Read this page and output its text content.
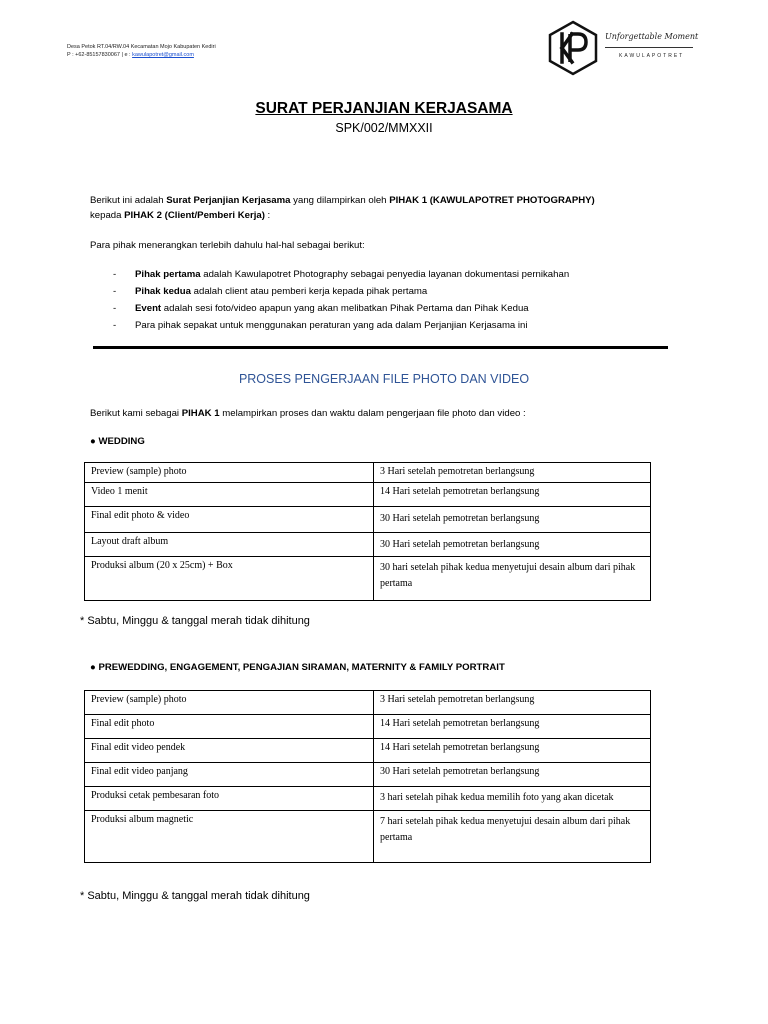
Desa Petok RT.04/RW.04 Kecamatan Mojo Kabupaten Kediri
P : +62-85157830067 | e : kawulapotret@gmail.com
Unforgettable Moment
KAWULAPOTRET
SURAT PERJANJIAN KERJASAMA
SPK/002/MMXXII
Berikut ini adalah Surat Perjanjian Kerjasama yang dilampirkan oleh PIHAK 1 (KAWULAPOTRET PHOTOGRAPHY)
kepada PIHAK 2 (Client/Pemberi Kerja) :
Para pihak menerangkan terlebih dahulu hal-hal sebagai berikut:
- Pihak pertama adalah Kawulapotret Photography sebagai penyedia layanan dokumentasi pernikahan
- Pihak kedua adalah client atau pemberi kerja kepada pihak pertama
- Event adalah sesi foto/video apapun yang akan melibatkan Pihak Pertama dan Pihak Kedua
- Para pihak sepakat untuk menggunakan peraturan yang ada dalam Perjanjian Kerjasama ini
PROSES PENGERJAAN FILE PHOTO DAN VIDEO
Berikut kami sebagai PIHAK 1 melampirkan proses dan waktu dalam pengerjaan file photo dan video :
● WEDDING
Preview (sample) photo	3 Hari setelah pemotretan berlangsung
Video 1 menit	14 Hari setelah pemotretan berlangsung
Final edit photo & video	30 Hari setelah pemotretan berlangsung
Layout draft album	30 Hari setelah pemotretan berlangsung
Produksi album (20 x 25cm) + Box	30 hari setelah pihak kedua menyetujui desain album dari pihak pertama
* Sabtu, Minggu & tanggal merah tidak dihitung
● PREWEDDING, ENGAGEMENT, PENGAJIAN SIRAMAN, MATERNITY & FAMILY PORTRAIT
Preview (sample) photo	3 Hari setelah pemotretan berlangsung
Final edit photo	14 Hari setelah pemotretan berlangsung
Final edit video pendek	14 Hari setelah pemotretan berlangsung
Final edit video panjang	30 Hari setelah pemotretan berlangsung
Produksi cetak pembesaran foto	3 hari setelah pihak kedua memilih foto yang akan dicetak
Produksi album magnetic	7 hari setelah pihak kedua menyetujui desain album dari pihak pertama
* Sabtu, Minggu & tanggal merah tidak dihitung
